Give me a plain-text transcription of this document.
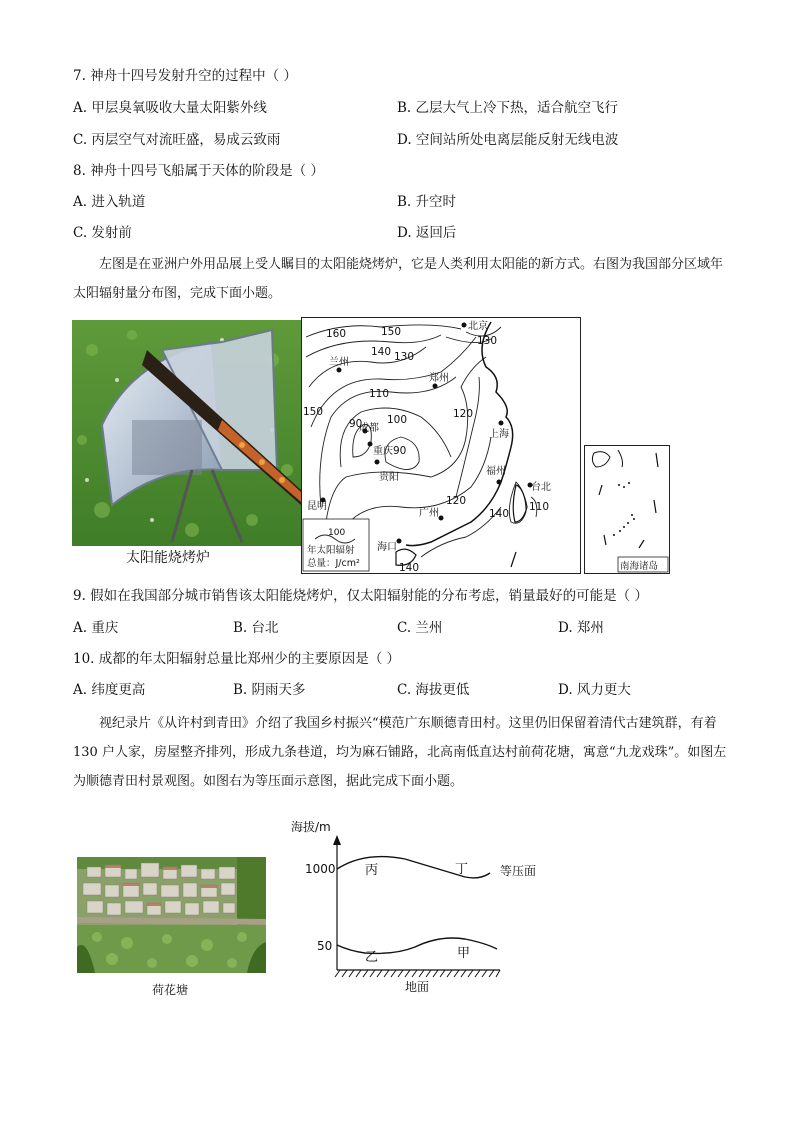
7. 神舟十四号发射升空的过程中（ ）
A. 甲层臭氧吸收大量太阳紫外线	B. 乙层大气上冷下热，适合航空飞行
C. 丙层空气对流旺盛，易成云致雨	D. 空间站所处电离层能反射无线电波
8. 神舟十四号飞船属于天体的阶段是（ ）
A. 进入轨道	B. 升空时
C. 发射前	D. 返回后
左图是在亚洲户外用品展上受人瞩目的太阳能烧烤炉，它是人类利用太阳能的新方式。右图为我国部分区域年太阳辐射量分布图，完成下面小题。
太阳能烧烤炉
160	150
140 130
110
100
90
120
150
90
120
140
110
130
140
北京
兰州
郑州
成都
重庆
贵阳
上海
福州
台北
昆明
广州
海口
100
年太阳辐射
总量：J/cm²	南海诸岛
9. 假如在我国部分城市销售该太阳能烧烤炉，仅太阳辐射能的分布考虑，销量最好的可能是（ ）
A. 重庆	B. 台北	C. 兰州	D. 郑州
10. 成都的年太阳辐射总量比郑州少的主要原因是（ ）
A. 纬度更高	B. 阴雨天多	C. 海拔更低	D. 风力更大
视纪录片《从许村到青田》介绍了我国乡村振兴“模范广东顺德青田村。这里仍旧保留着清代古建筑群，有着 130 户人家，房屋整齐排列，形成九条巷道，均为麻石铺路，北高南低直达村前荷花塘，寓意“九龙戏珠”。如图左为顺德青田村景观图。如图右为等压面示意图，据此完成下面小题。
荷花塘
海拔/m
1000
50
丙	丁	等压面
乙	甲
地面
